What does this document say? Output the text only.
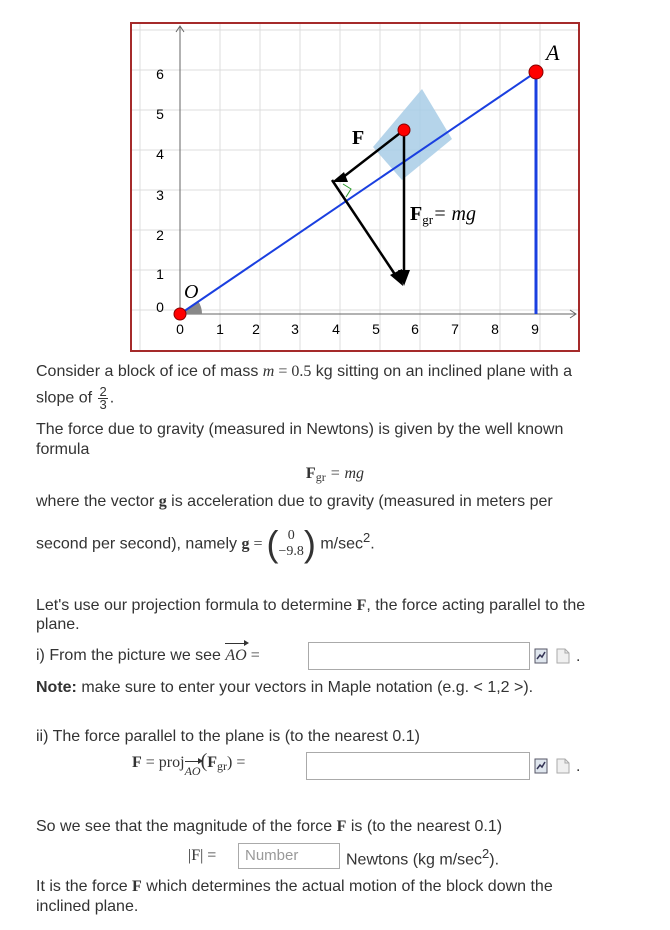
0 1 2 3 4 5 6 7 8 9
0
1
2
3
4
5
6
A
O
F
$F_{gr}=$ mg

Consider a block of ice of mass m = 0.5 kg sitting on an inclined plane with a

slope of $\frac{2}{3}$ .

The force due to gravity (measured in Newtons) is given by the well known

formula

Fgr = mg

where the vector g is acceleration due to gravity (measured in meters per

second per second), namely g = ( 0
−9.8 ) $m/\sec^2$.

Let's use our projection formula to determine F, the force acting parallel to the

plane.

i) From the picture we see AO =	.

Note: make sure to enter your vectors in Maple notation (e.g. < 1,2 >).

ii) The force parallel to the plane is (to the nearest 0.1)

F = projAO(Fgr) =	.

So we see that the magnitude of the force F is (to the nearest 0.1)

|F| =	Number	Newtons (kg $m/\sec^2$).

It is the force F which determines the actual motion of the block down the

inclined plane.
